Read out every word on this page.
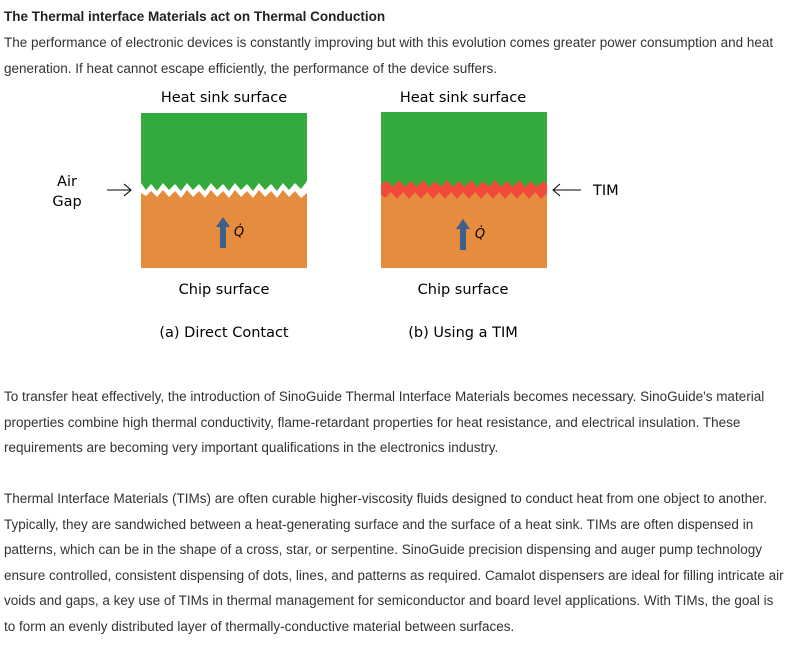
The Thermal interface Materials act on Thermal Conduction

The performance of electronic devices is constantly improving but with this evolution comes greater power consumption and heat generation. If heat cannot escape efficiently, the performance of the device suffers.

Heat sink surface
Q̇
Air
Gap
Chip surface
(a) Direct Contact
Heat sink surface
Q̇
TIM
Chip surface
(b) Using a TIM

To transfer heat effectively, the introduction of SinoGuide Thermal Interface Materials becomes necessary. SinoGuide's material properties combine high thermal conductivity, flame-retardant properties for heat resistance, and electrical insulation. These requirements are becoming very important qualifications in the electronics industry.

Thermal Interface Materials (TIMs) are often curable higher-viscosity fluids designed to conduct heat from one object to another. Typically, they are sandwiched between a heat-generating surface and the surface of a heat sink. TIMs are often dispensed in patterns, which can be in the shape of a cross, star, or serpentine. SinoGuide precision dispensing and auger pump technology ensure controlled, consistent dispensing of dots, lines, and patterns as required. Camalot dispensers are ideal for filling intricate air voids and gaps, a key use of TIMs in thermal management for semiconductor and board level applications. With TIMs, the goal is to form an evenly distributed layer of thermally-conductive material between surfaces.
